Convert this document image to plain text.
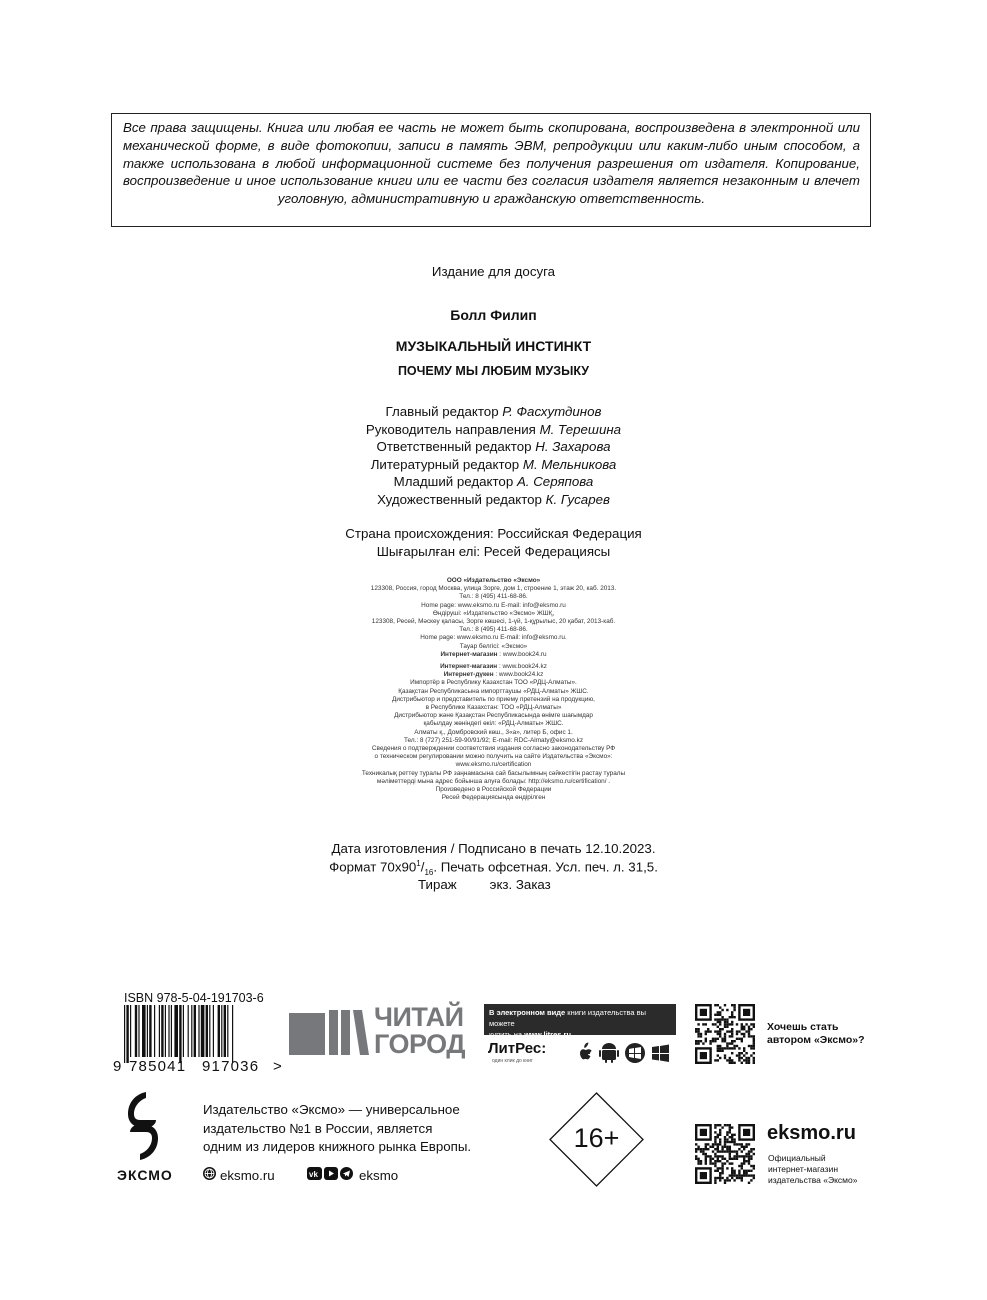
Все права защищены. Книга или любая ее часть не может быть скопирована, воспроизведена в электронной или механической форме, в виде фотокопии, записи в память ЭВМ, репродукции или каким-либо иным способом, а также использована в любой информационной системе без получения разрешения от издателя. Копирование, воспроизведение и иное использование книги или ее части без согласия издателя является незаконным и влечет уголовную, административную и гражданскую ответственность.
Издание для досуга
Болл Филип
МУЗЫКАЛЬНЫЙ ИНСТИНКТ
ПОЧЕМУ МЫ ЛЮБИМ МУЗЫКУ
Главный редактор Р. Фасхутдинов
Руководитель направления М. Терешина
Ответственный редактор Н. Захарова
Литературный редактор М. Мельникова
Младший редактор А. Серяпова
Художественный редактор К. Гусарев
Страна происхождения: Российская Федерация
Шығарылған елі: Ресей Федерациясы
ООО «Издательство «Эксмо»
123308, Россия, город Москва, улица Зорге, дом 1, строение 1, этаж 20, каб. 2013.
Тел.: 8 (495) 411-68-86.
Home page: www.eksmo.ru E-mail: info@eksmo.ru
Өндіруші: «Издательство «Эксмо» ЖШҚ,
123308, Ресей, Мәскеу қаласы, Зорге көшесі, 1-үй, 1-құрылыс, 20 қабат, 2013-каб.
Тел.: 8 (495) 411-68-86.
Home page: www.eksmo.ru E-mail: info@eksmo.ru.
Тауар белгісі: «Эксмо»
Интернет-магазин : www.book24.ru
Интернет-магазин : www.book24.kz
Интернет-дүкен : www.book24.kz
Импортёр в Республику Казахстан ТОО «РДЦ-Алматы».
Қазақстан Республикасына импорттаушы «РДЦ-Алматы» ЖШС.
Дистрибьютор и представитель по приему претензий на продукцию,
в Республике Казахстан: ТОО «РДЦ-Алматы»
Дистрибьютор және Қазақстан Республикасында өнімге шағымдар
қабылдау жөніндегі өкіл: «РДЦ-Алматы» ЖШС.
Алматы қ., Домбровский көш., 3«а», литер Б, офис 1.
Тел.: 8 (727) 251-59-90/91/92; E-mail: RDC-Almaty@eksmo.kz
Сведения о подтверждении соответствия издания согласно законодательству РФ
о техническом регулировании можно получить на сайте Издательства «Эксмо»:
www.eksmo.ru/certification
Техникалық реттеу туралы РФ заңнамасына сай басылымның сәйкестігін растау туралы
мәліметтерді мына адрес бойынша алуға болады: http://eksmo.ru/certification/ .
Произведено в Российской Федерации
Ресей Федерациясында өндірілген
Дата изготовления / Подписано в печать 12.10.2023.
Формат $70x90^1/_{16}$. Печать офсетная. Усл. печ. л. 31,5.
Тираж экз. Заказ
ISBN 978-5-04-191703-6
9 785041 917036 >
ЧИТАЙ
ГОРОД
В электронном виде книги издательства вы можете
купить на www.litres.ru
ЛитРес:
один клик до книг
Хочешь стать
автором «Эксмо»?
ЭКСМО
Издательство «Эксмо» — универсальное
издательство №1 в России, является
одним из лидеров книжного рынка Европы.
eksmo.ru	vk	eksmo
16+	eksmo.ru
Официальный
интернет-магазин
издательства «Эксмо»
